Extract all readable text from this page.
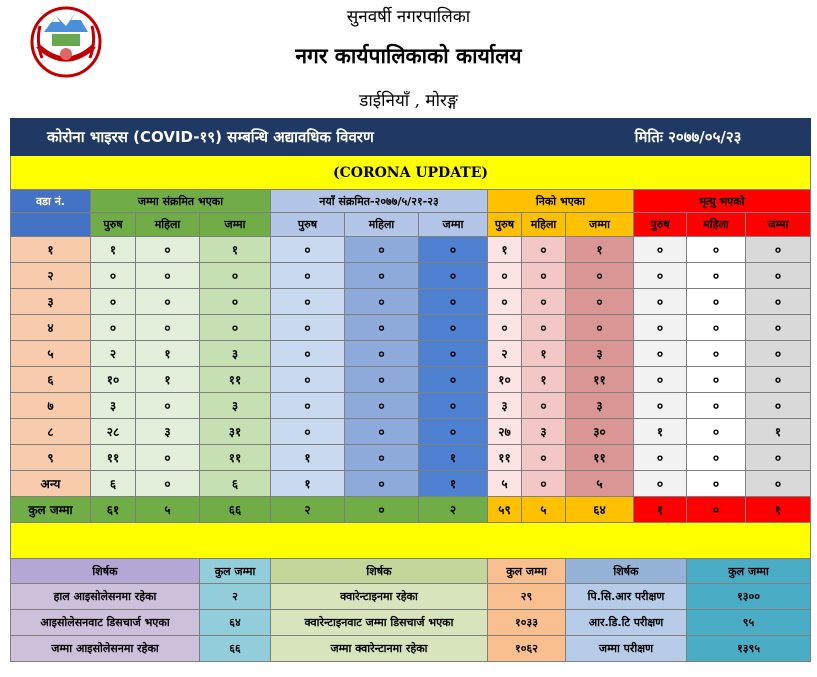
सुनवर्षी नगरपालिका
नगर कार्यपालिकाको कार्यालय
डाईनियाँ , मोरङ्ग
कोरोना भाइरस (COVID-१९) सम्बन्धि अद्यावधिक विवरण									मितिः २०७७/०५/२३			
(CORONA UPDATE)												
वडा नं.	जम्मा संक्रमित भएका			नयाँ संक्रमित-२०७७/५/२१-२३			निको भएका			मृत्यु भएको		
	पुरुष	महिला	जम्मा	पुरुष	महिला	जम्मा	पुरुष	महिला	जम्मा	पुरुष	महिला	जम्मा
१	१	०	१	०	०	०	१	०	१	०	०	०
२	०	०	०	०	०	०	०	०	०	०	०	०
३	०	०	०	०	०	०	०	०	०	०	०	०
४	०	०	०	०	०	०	०	०	०	०	०	०
५	२	१	३	०	०	०	२	१	३	०	०	०
६	१०	१	११	०	०	०	१०	१	११	०	०	०
७	३	०	३	०	०	०	३	०	३	०	०	०
८	२८	३	३१	०	०	०	२७	३	३०	१	०	१
९	११	०	११	१	०	१	११	०	११	०	०	०
अन्य	६	०	६	१	०	१	५	०	५	०	०	०
कुल जम्मा	६१	५	६६	२	०	२	५९	५	६४	१	०	१

शिर्षक			कुल जम्मा	शिर्षक			कुल जम्मा		शिर्षक		कुल जम्मा	
हाल आइसोलेसनमा रहेका			२	क्वारेन्टाइनमा रहेका			२९		पि.सि.आर परीक्षण		१३००	
आइसोलेसनवाट डिसचार्ज भएका			६४	क्वारेन्टाइनवाट जम्मा डिसचार्ज भएका			१०३३		आर.डि.टि परीक्षण		९५	
जम्मा आइसोलेसनमा रहेका			६६	जम्मा क्वारेन्टानमा रहेका			१०६२		जम्मा परीक्षण		१३९५	
